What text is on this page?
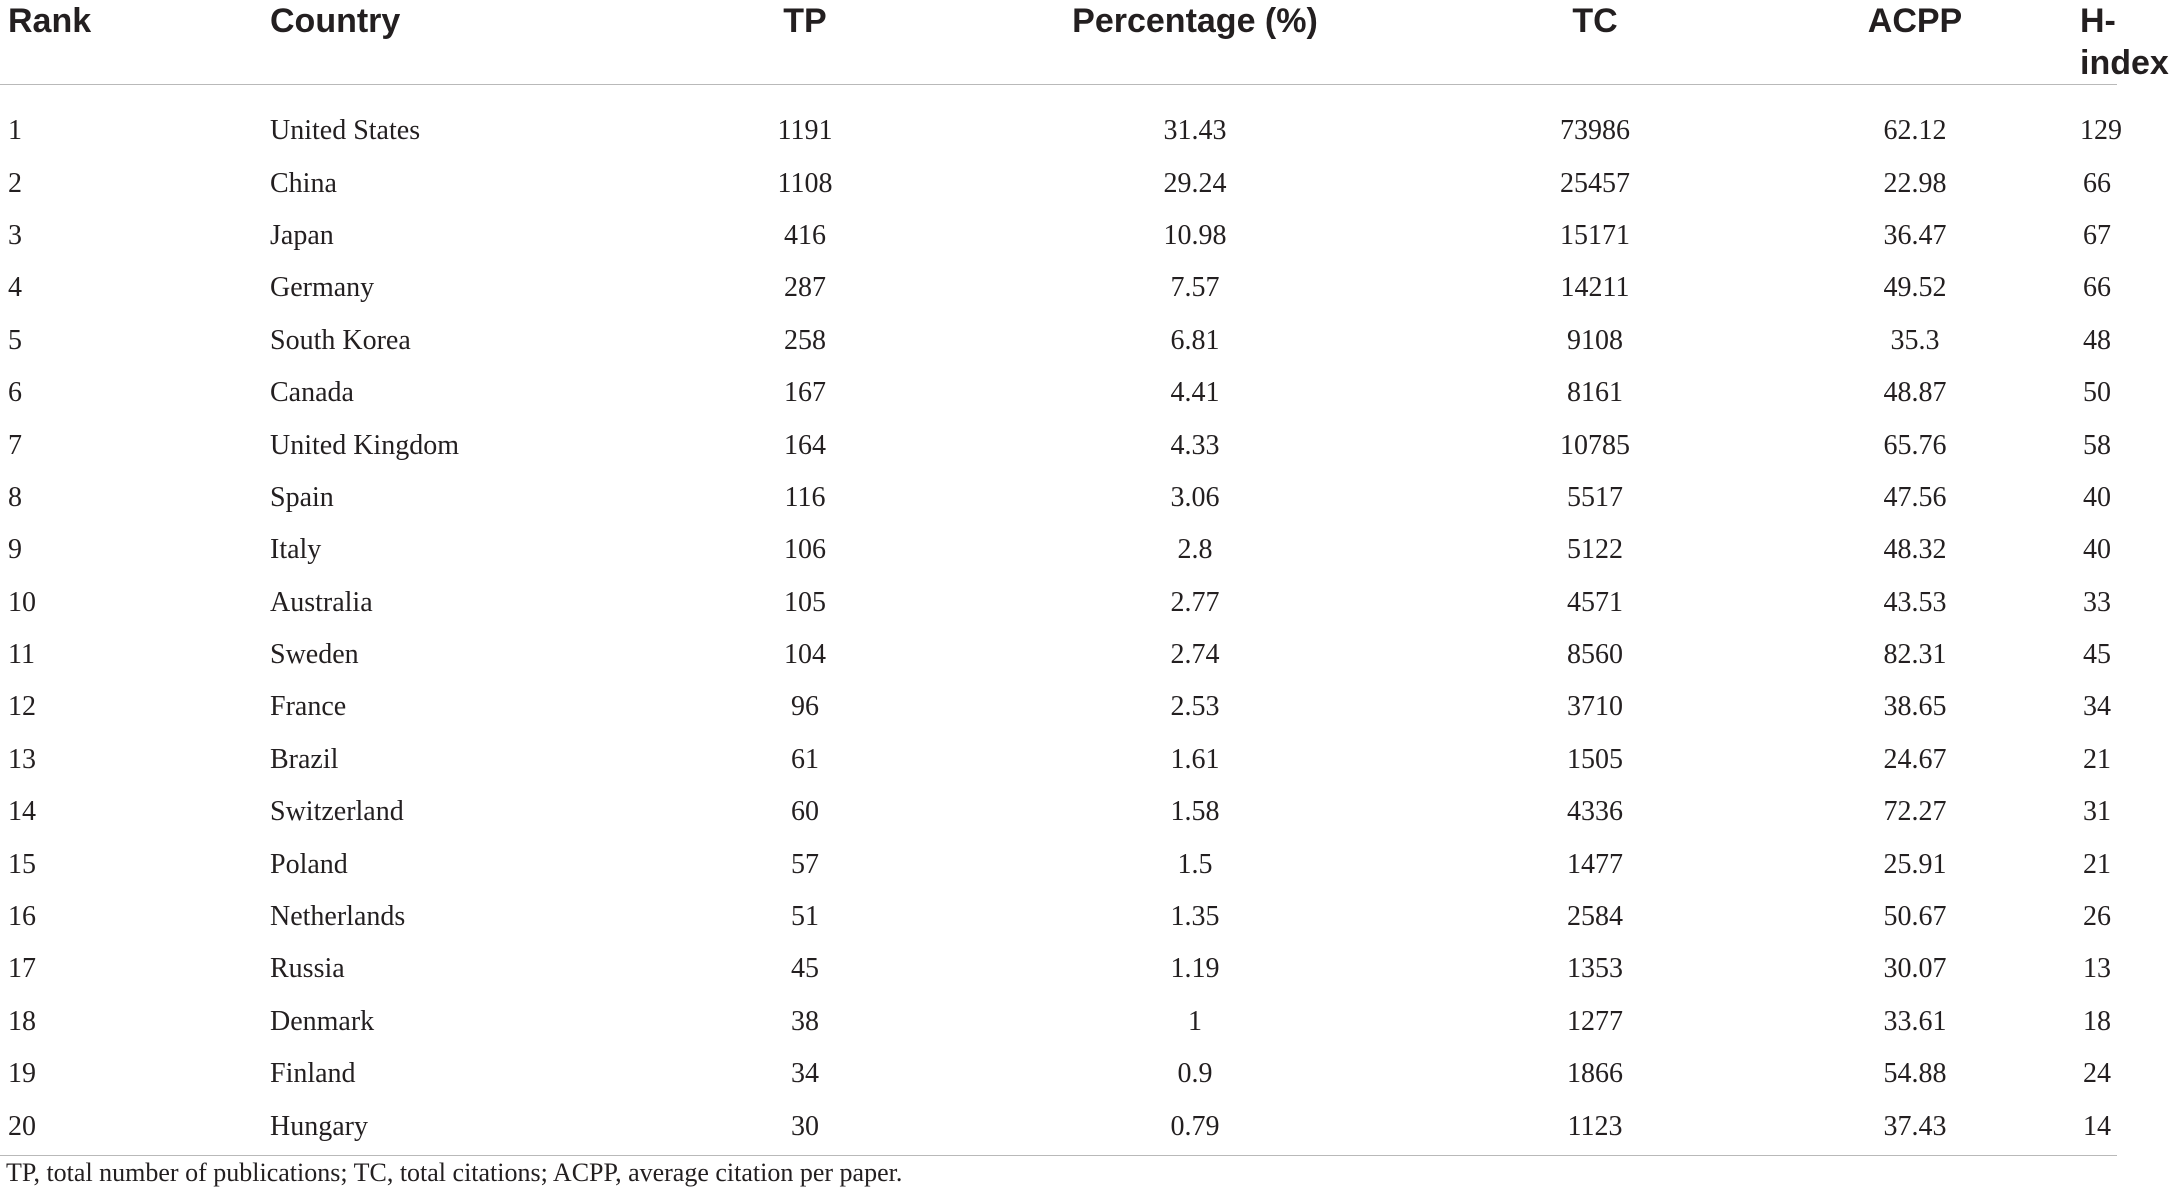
Rank	Country	TP	Percentage (%)	TC	ACPP	H-index
1	United States	1191	31.43	73986	62.12	129
2	China	1108	29.24	25457	22.98	66
3	Japan	416	10.98	15171	36.47	67
4	Germany	287	7.57	14211	49.52	66
5	South Korea	258	6.81	9108	35.3	48
6	Canada	167	4.41	8161	48.87	50
7	United Kingdom	164	4.33	10785	65.76	58
8	Spain	116	3.06	5517	47.56	40
9	Italy	106	2.8	5122	48.32	40
10	Australia	105	2.77	4571	43.53	33
11	Sweden	104	2.74	8560	82.31	45
12	France	96	2.53	3710	38.65	34
13	Brazil	61	1.61	1505	24.67	21
14	Switzerland	60	1.58	4336	72.27	31
15	Poland	57	1.5	1477	25.91	21
16	Netherlands	51	1.35	2584	50.67	26
17	Russia	45	1.19	1353	30.07	13
18	Denmark	38	1	1277	33.61	18
19	Finland	34	0.9	1866	54.88	24
20	Hungary	30	0.79	1123	37.43	14
TP, total number of publications; TC, total citations; ACPP, average citation per paper.
